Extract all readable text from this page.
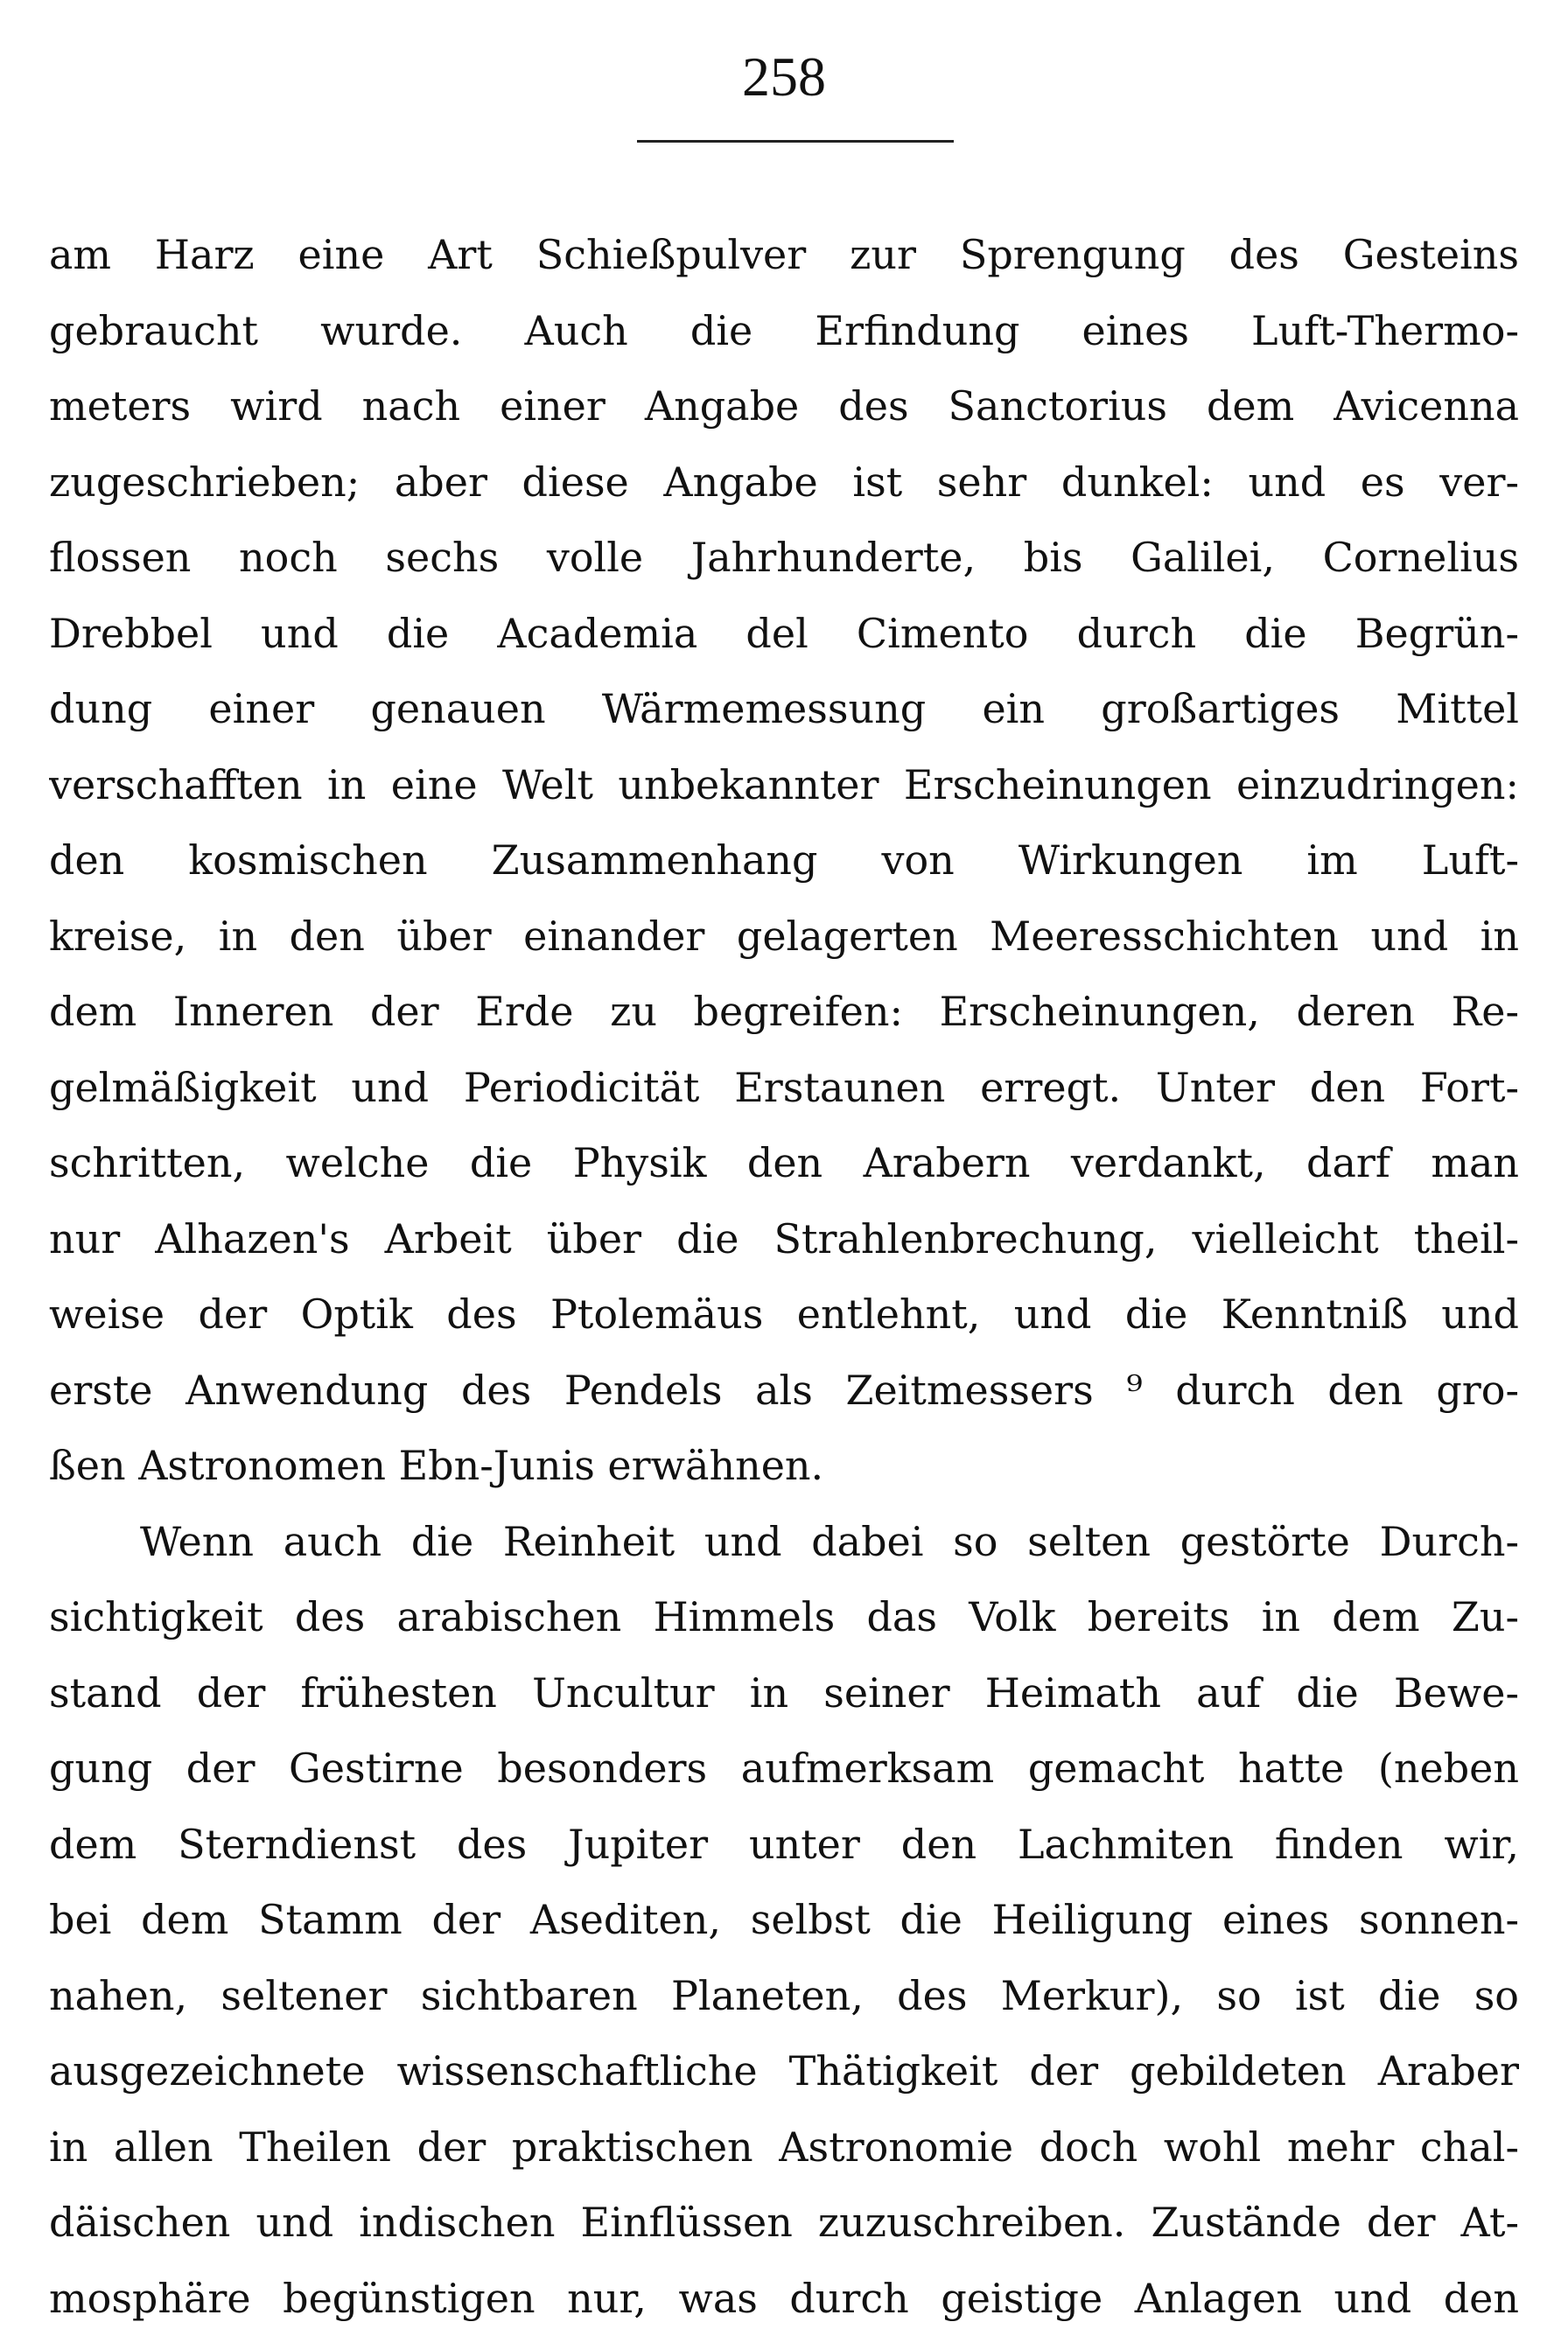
258
am Harz eine Art Schießpulver zur Sprengung des Gesteins
gebraucht wurde. Auch die Erfindung eines Luft-Thermo-
meters wird nach einer Angabe des Sanctorius dem Avicenna
zugeschrieben; aber diese Angabe ist sehr dunkel: und es ver-
flossen noch sechs volle Jahrhunderte, bis Galilei, Cornelius
Drebbel und die Academia del Cimento durch die Begrün-
dung einer genauen Wärmemessung ein großartiges Mittel
verschafften in eine Welt unbekannter Erscheinungen einzudringen:
den kosmischen Zusammenhang von Wirkungen im Luft-
kreise, in den über einander gelagerten Meeresschichten und in
dem Inneren der Erde zu begreifen: Erscheinungen, deren Re-
gelmäßigkeit und Periodicität Erstaunen erregt. Unter den Fort-
schritten, welche die Physik den Arabern verdankt, darf man
nur Alhazen's Arbeit über die Strahlenbrechung, vielleicht theil-
weise der Optik des Ptolemäus entlehnt, und die Kenntniß und
erste Anwendung des Pendels als Zeitmessers ⁹ durch den gro-
ßen Astronomen Ebn-Junis erwähnen.
Wenn auch die Reinheit und dabei so selten gestörte Durch-
sichtigkeit des arabischen Himmels das Volk bereits in dem Zu-
stand der frühesten Uncultur in seiner Heimath auf die Bewe-
gung der Gestirne besonders aufmerksam gemacht hatte (neben
dem Sterndienst des Jupiter unter den Lachmiten finden wir,
bei dem Stamm der Asediten, selbst die Heiligung eines sonnen-
nahen, seltener sichtbaren Planeten, des Merkur), so ist die so
ausgezeichnete wissenschaftliche Thätigkeit der gebildeten Araber
in allen Theilen der praktischen Astronomie doch wohl mehr chal-
däischen und indischen Einflüssen zuzuschreiben. Zustände der At-
mosphäre begünstigen nur, was durch geistige Anlagen und den
